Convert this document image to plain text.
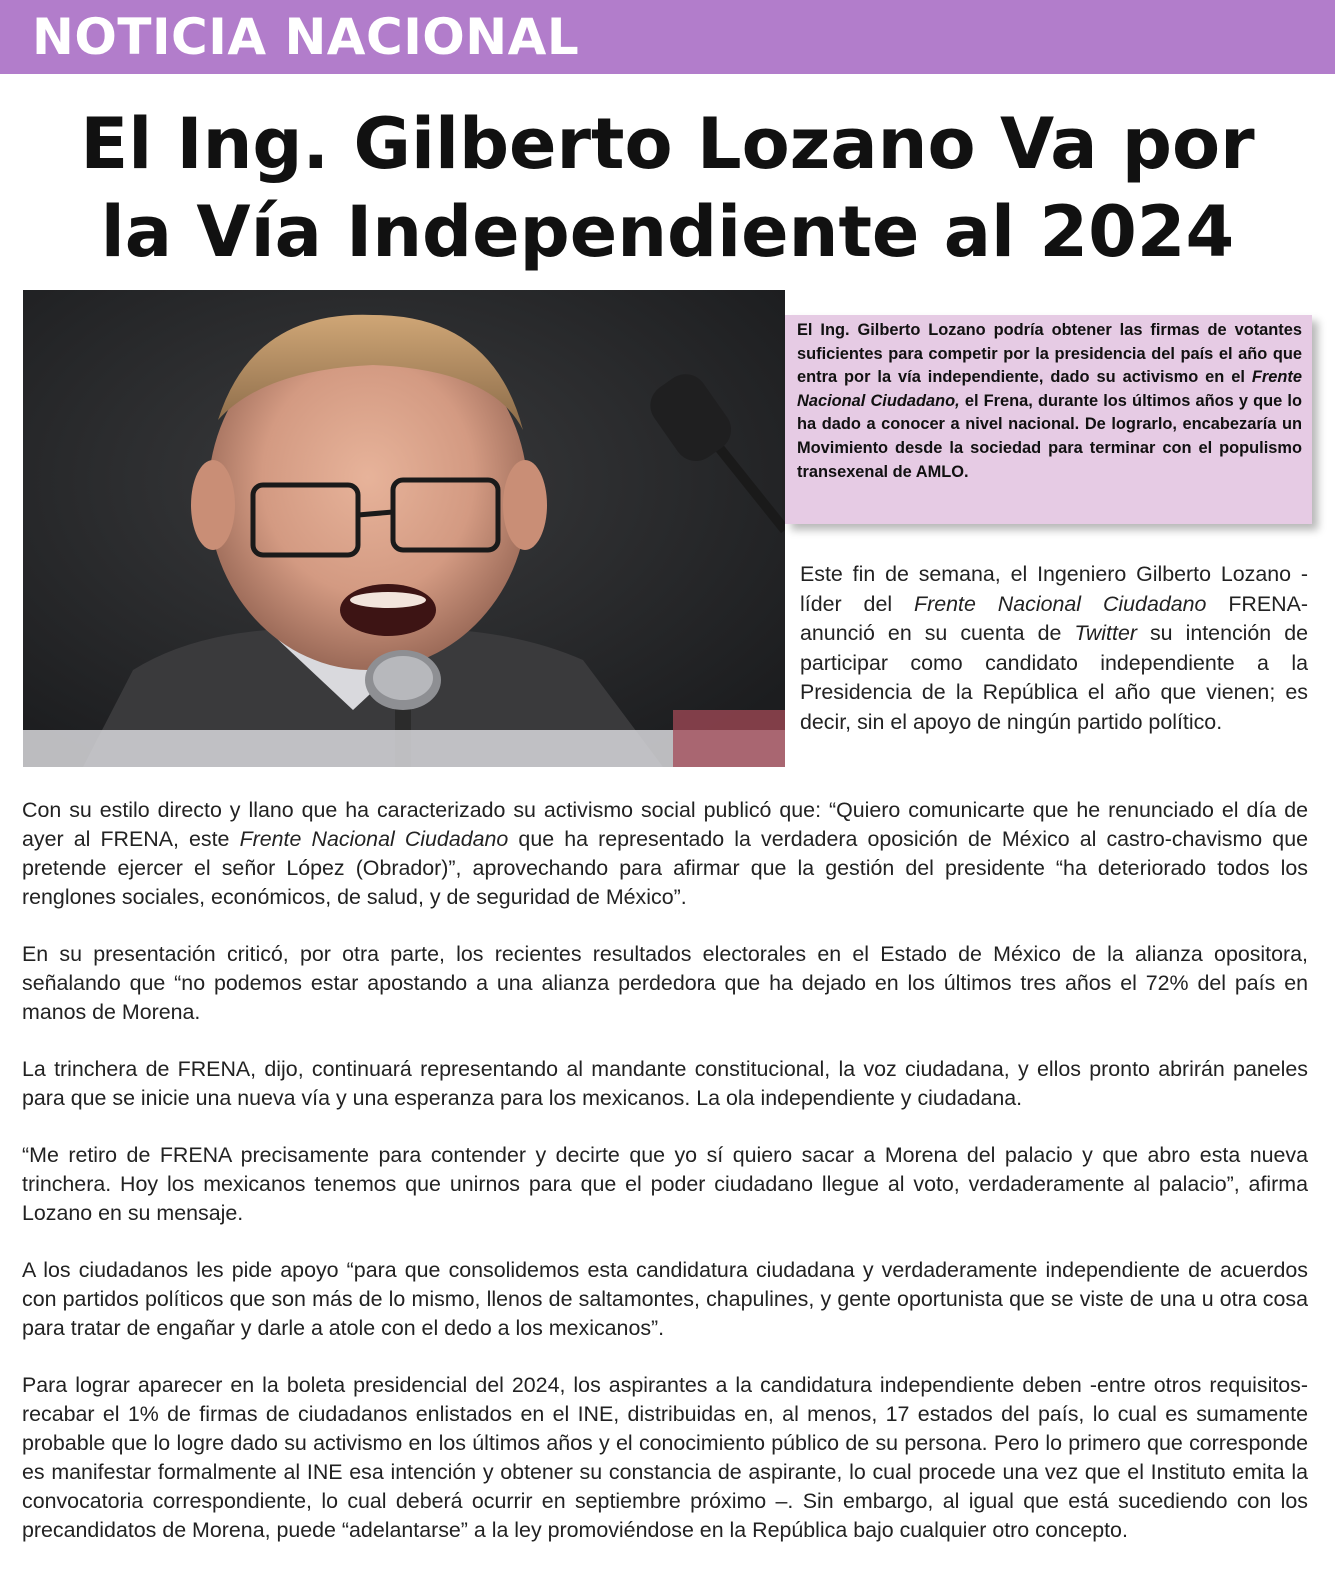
NOTICIA NACIONAL
El Ing. Gilberto Lozano Va por
la Vía Independiente al 2024
El Ing. Gilberto Lozano podría obtener las firmas de votantes suficientes para competir por la presidencia del país el año que entra por la vía independiente, dado su activismo en el Frente Nacional Ciudadano, el Frena, durante los últimos años y que lo ha dado a conocer a nivel nacional. De lograrlo, encabezaría un Movimiento desde la sociedad para terminar con el populismo transexenal de AMLO.
Este fin de semana, el Ingeniero Gilberto Lozano -líder del Frente Nacional Ciudadano FRENA- anunció en su cuenta de Twitter su intención de participar como candidato independiente a la Presidencia de la República el año que vienen; es decir, sin el apoyo de ningún partido político.

Con su estilo directo y llano que ha caracterizado su activismo social publicó que: “Quiero comunicarte que he renunciado el día de ayer al FRENA, este Frente Nacional Ciudadano que ha representado la verdadera oposición de México al castro-chavismo que pretende ejercer el señor López (Obrador)”, aprovechando para afirmar que la gestión del presidente “ha deteriorado todos los renglones sociales, económicos, de salud, y de seguridad de México”.

En su presentación criticó, por otra parte, los recientes resultados electorales en el Estado de México de la alianza opositora, señalando que “no podemos estar apostando a una alianza perdedora que ha dejado en los últimos tres años el 72% del país en manos de Morena.

La trinchera de FRENA, dijo, continuará representando al mandante constitucional, la voz ciudadana, y ellos pronto abrirán paneles para que se inicie una nueva vía y una esperanza para los mexicanos. La ola independiente y ciudadana.

“Me retiro de FRENA precisamente para contender y decirte que yo sí quiero sacar a Morena del palacio y que abro esta nueva trinchera. Hoy los mexicanos tenemos que unirnos para que el poder ciudadano llegue al voto, verdaderamente al palacio”, afirma Lozano en su mensaje.

A los ciudadanos les pide apoyo “para que consolidemos esta candidatura ciudadana y verdaderamente independiente de acuerdos con partidos políticos que son más de lo mismo, llenos de saltamontes, chapulines, y gente oportunista que se viste de una u otra cosa para tratar de engañar y darle a atole con el dedo a los mexicanos”.

Para lograr aparecer en la boleta presidencial del 2024, los aspirantes a la candidatura independiente deben -entre otros requisitos- recabar el 1% de firmas de ciudadanos enlistados en el INE, distribuidas en, al menos, 17 estados del país, lo cual es sumamente probable que lo logre dado su activismo en los últimos años y el conocimiento público de su persona. Pero lo primero que corresponde es manifestar formalmente al INE esa intención y obtener su constancia de aspirante, lo cual procede una vez que el Instituto emita la convocatoria correspondiente, lo cual deberá ocurrir en septiembre próximo –. Sin embargo, al igual que está sucediendo con los precandidatos de Morena, puede “adelantarse” a la ley promoviéndose en la República bajo cualquier otro concepto.
